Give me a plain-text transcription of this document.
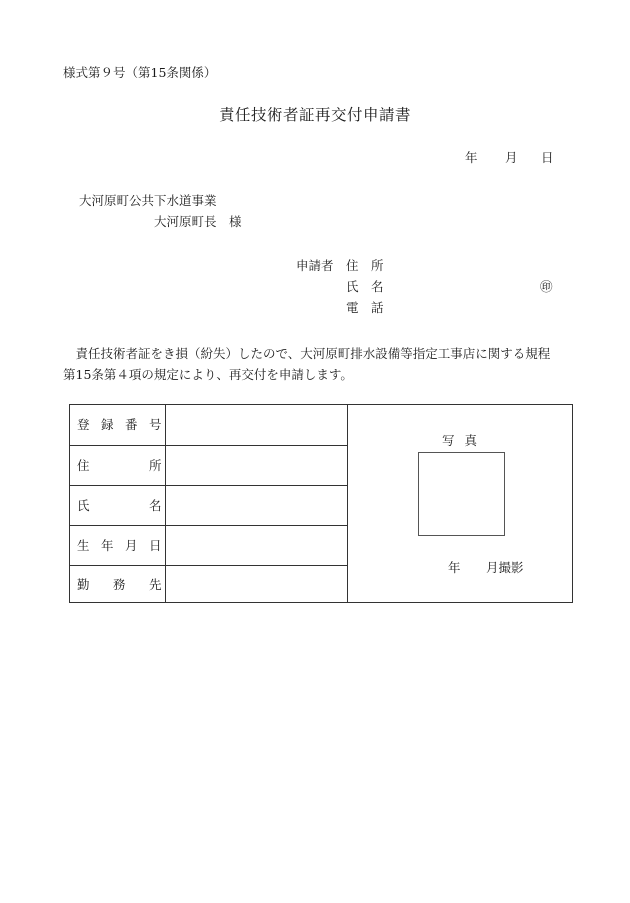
様式第９号（第15条関係）
責任技術者証再交付申請書
年 月 日
大河原町公共下水道事業
大河原町長　様
申請者 住　所
氏　名	㊞
電　話
　責任技術者証をき損（紛失）したので、大河原町排水設備等指定工事店に関する規程
第15条第４項の規定により、再交付を申請します。
登 録 番 号
住	所
氏	名
生 年 月 日
勤 務 先
写 真
年 月撮影
